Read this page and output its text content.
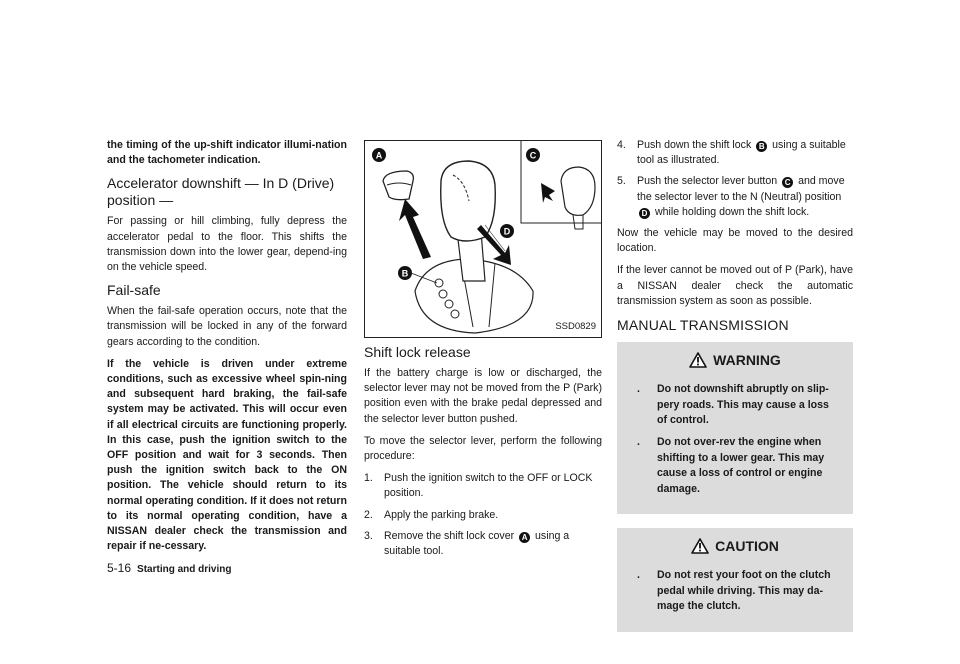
the timing of the up-shift indicator illumi-nation and the tachometer indication.

Accelerator downshift — In D (Drive) position —

For passing or hill climbing, fully depress the accelerator pedal to the floor. This shifts the transmission down into the lower gear, depend-ing on the vehicle speed.

Fail-safe

When the fail-safe operation occurs, note that the transmission will be locked in any of the forward gears according to the condition.

If the vehicle is driven under extreme conditions, such as excessive wheel spin-ning and subsequent hard braking, the fail-safe system may be activated. This will occur even if all electrical circuits are functioning properly. In this case, push the ignition switch to the OFF position and wait for 3 seconds. Then push the ignition switch back to the ON position. The vehicle should return to its normal operating condition. If it does not return to its normal operating condition, have a NISSAN dealer check the transmission and repair if ne-cessary.

A	C
D
B
SSD0829
Shift lock release

If the battery charge is low or discharged, the selector lever may not be moved from the P (Park) position even with the brake pedal depressed and the selector lever button pushed.

To move the selector lever, perform the following procedure:

1. Push the ignition switch to the OFF or LOCK position.
2. Apply the parking brake.
3. Remove the shift lock cover A using a suitable tool.
4. Push down the shift lock B using a suitable tool as illustrated.
5. Push the selector lever button C and move the selector lever to the N (Neutral) position D while holding down the shift lock.

Now the vehicle may be moved to the desired location.

If the lever cannot be moved out of P (Park), have a NISSAN dealer check the automatic transmission system as soon as possible.

MANUAL TRANSMISSION
WARNING
. Do not downshift abruptly on slip-pery roads. This may cause a loss of control.
. Do not over-rev the engine when shifting to a lower gear. This may cause a loss of control or engine damage.
CAUTION
. Do not rest your foot on the clutch pedal while driving. This may da-mage the clutch.
5-16 Starting and driving
